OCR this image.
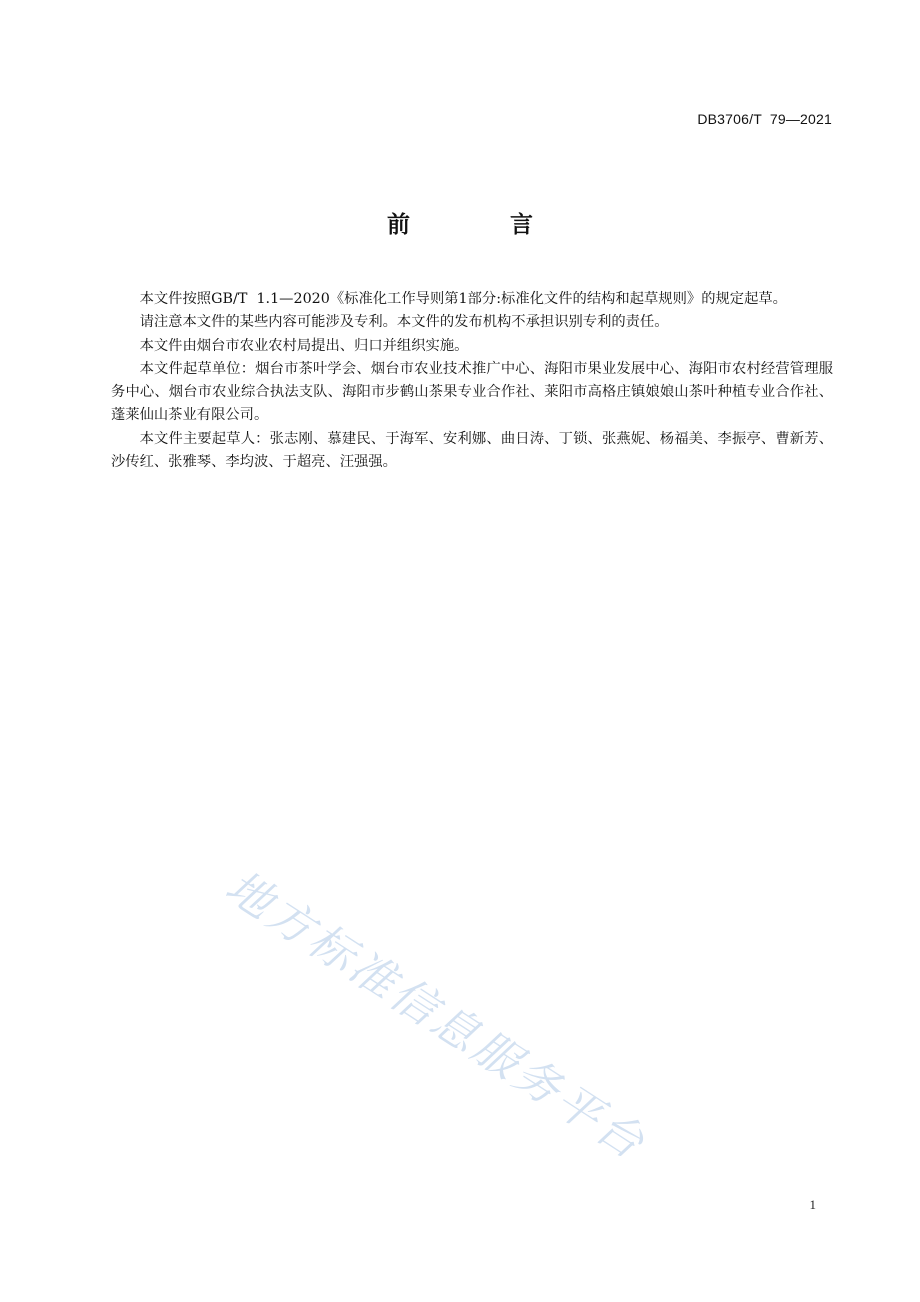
DB3706/T  79—2021
前 言

本文件按照GB/T  1.1—2020《标准化工作导则第1部分:标准化文件的结构和起草规则》的规定起草。

请注意本文件的某些内容可能涉及专利。本文件的发布机构不承担识别专利的责任。

本文件由烟台市农业农村局提出、归口并组织实施。

本文件起草单位：烟台市茶叶学会、烟台市农业技术推广中心、海阳市果业发展中心、海阳市农村经营管理服务中心、烟台市农业综合执法支队、海阳市步鹤山茶果专业合作社、莱阳市高格庄镇娘娘山茶叶种植专业合作社、蓬莱仙山茶业有限公司。

本文件主要起草人：张志刚、慕建民、于海军、安利娜、曲日涛、丁锁、张燕妮、杨福美、李振亭、曹新芳、沙传红、张雅琴、李均波、于超亮、汪强强。

地方标准信息服务平台
1
